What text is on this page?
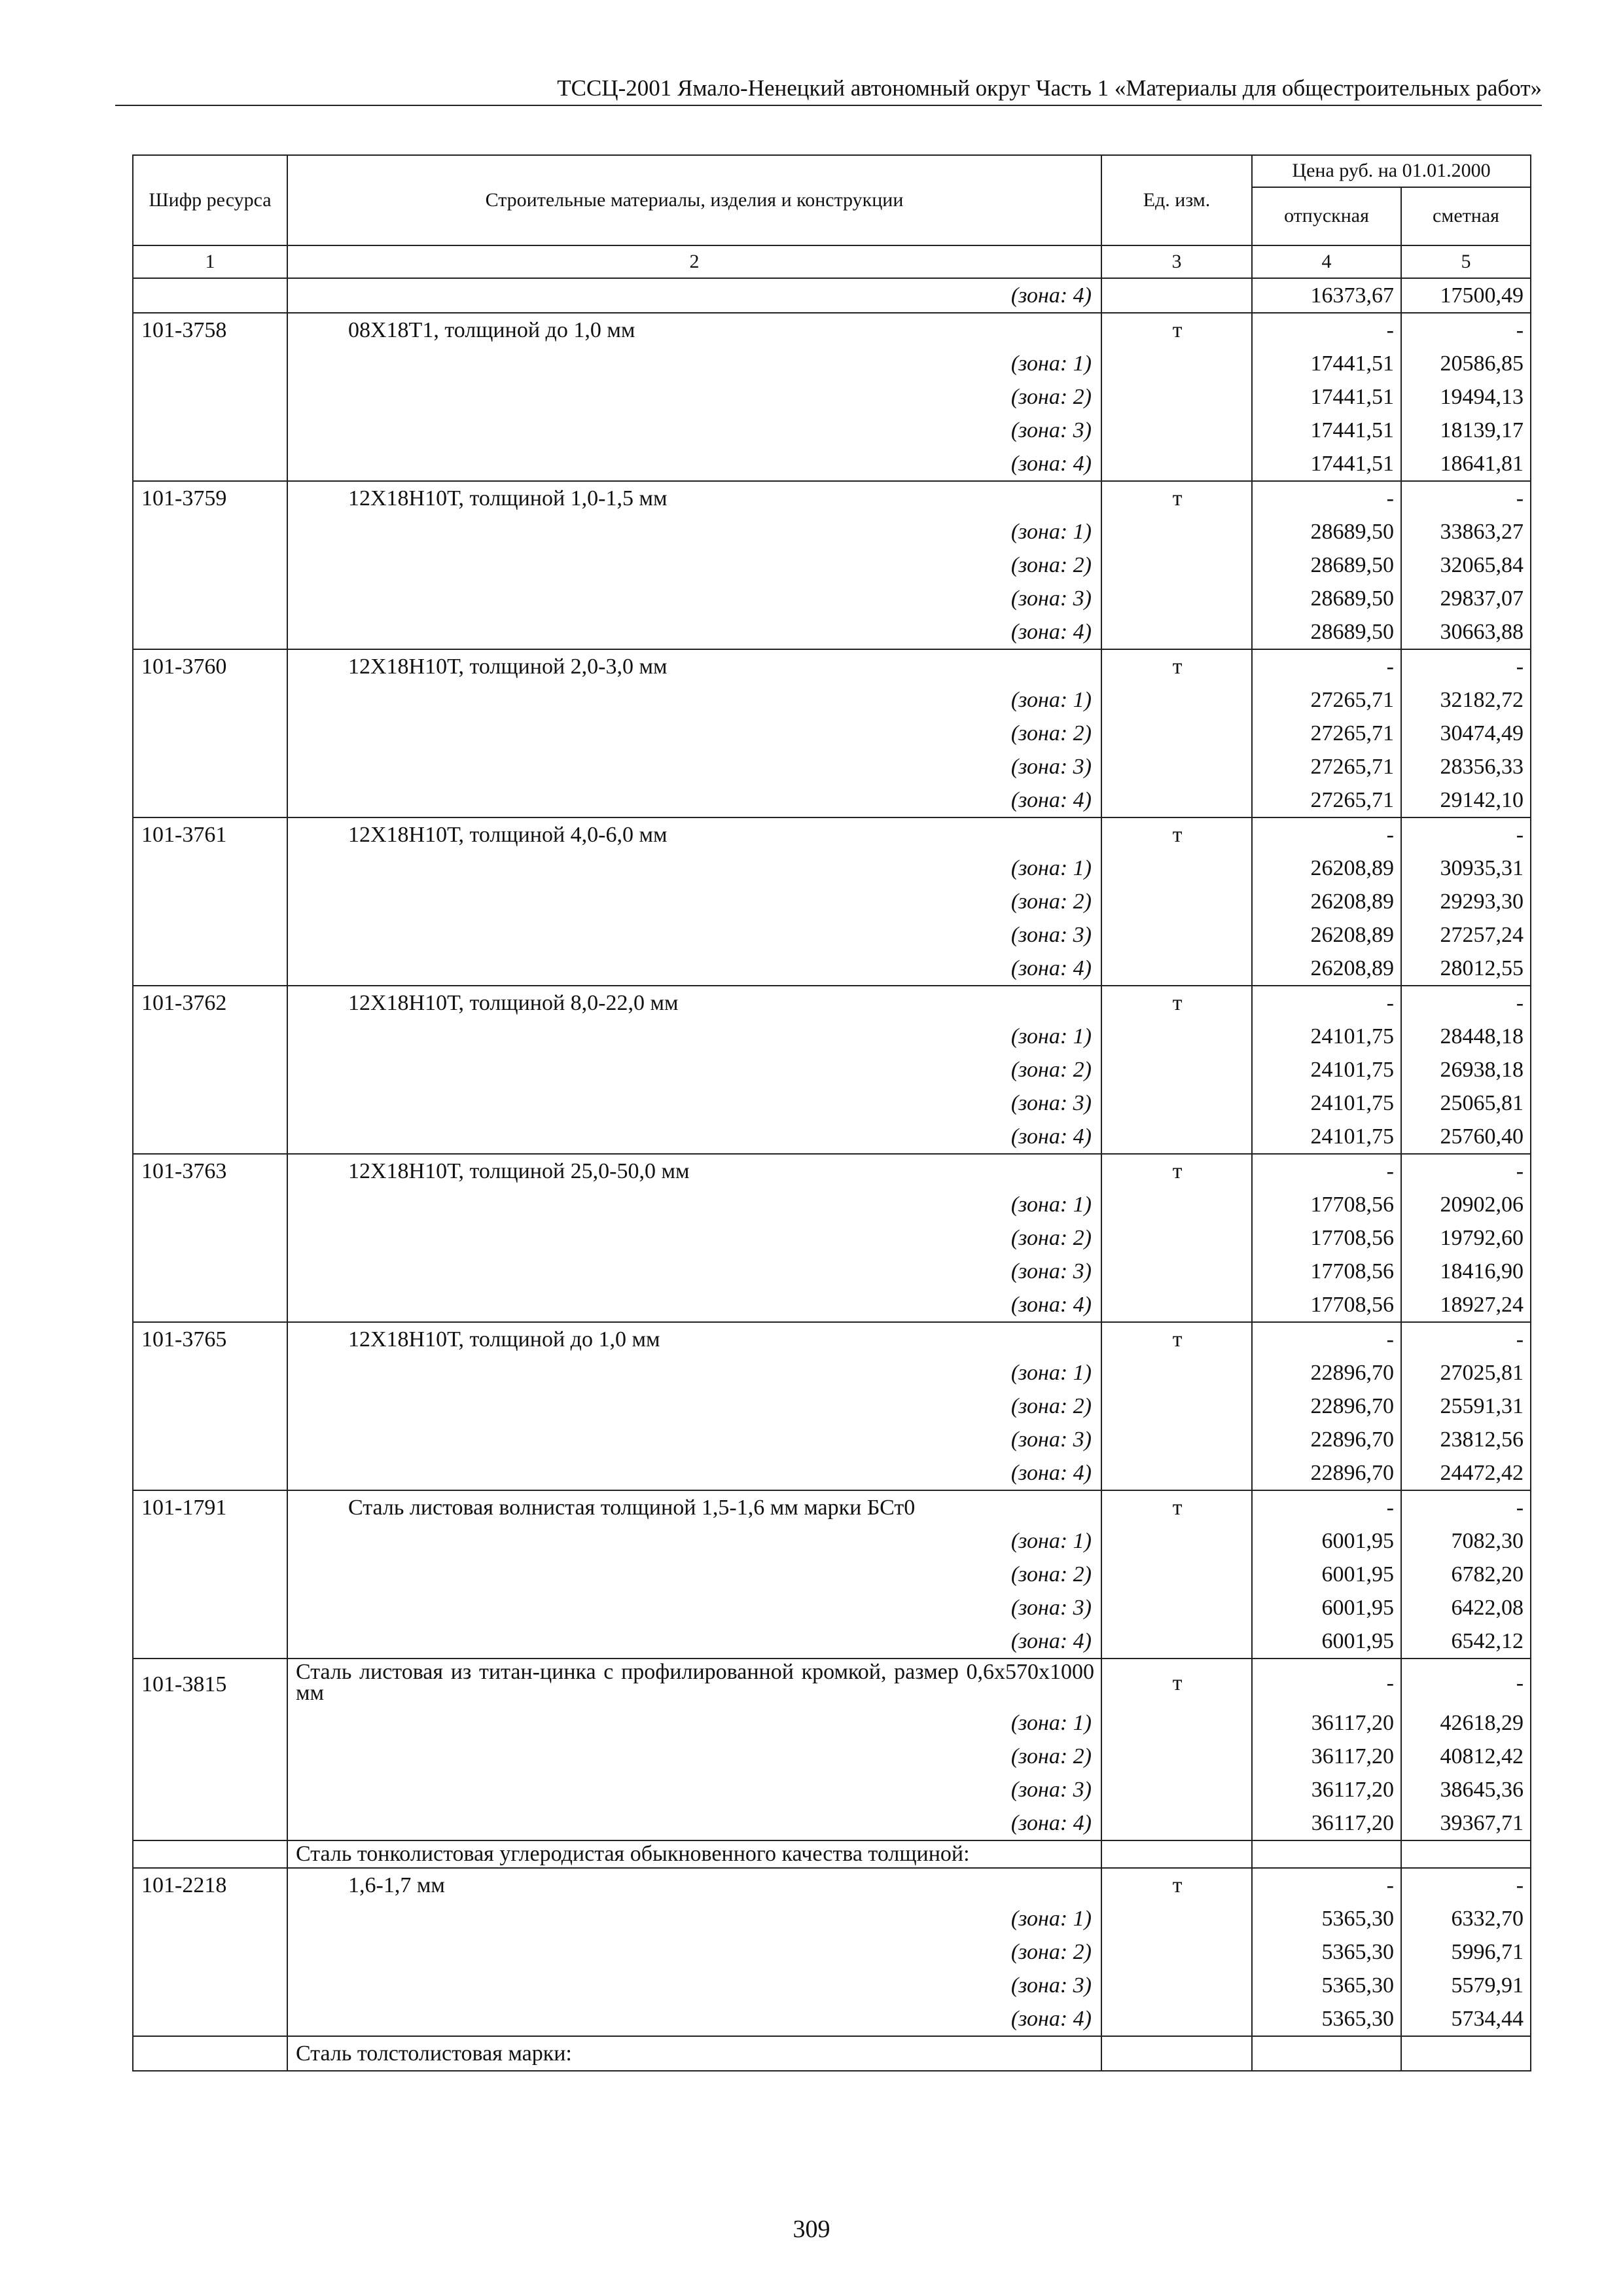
ТССЦ-2001 Ямало-Ненецкий автономный округ Часть 1 «Материалы для общестроительных работ»
Шифр ресурса	Строительные материалы, изделия и конструкции	Ед. изм.	Цена руб. на 01.01.2000	
			отпускная	сметная
1	2	3	4	5
	(зона: 4)		16373,67	17500,49
101-3758	08Х18Т1, толщиной до 1,0 мм	т	-	-
	(зона: 1)		17441,51	20586,85
	(зона: 2)		17441,51	19494,13
	(зона: 3)		17441,51	18139,17
	(зона: 4)		17441,51	18641,81
101-3759	12Х18Н10Т, толщиной 1,0-1,5 мм	т	-	-
	(зона: 1)		28689,50	33863,27
	(зона: 2)		28689,50	32065,84
	(зона: 3)		28689,50	29837,07
	(зона: 4)		28689,50	30663,88
101-3760	12Х18Н10Т, толщиной 2,0-3,0 мм	т	-	-
	(зона: 1)		27265,71	32182,72
	(зона: 2)		27265,71	30474,49
	(зона: 3)		27265,71	28356,33
	(зона: 4)		27265,71	29142,10
101-3761	12Х18Н10Т, толщиной 4,0-6,0 мм	т	-	-
	(зона: 1)		26208,89	30935,31
	(зона: 2)		26208,89	29293,30
	(зона: 3)		26208,89	27257,24
	(зона: 4)		26208,89	28012,55
101-3762	12Х18Н10Т, толщиной 8,0-22,0 мм	т	-	-
	(зона: 1)		24101,75	28448,18
	(зона: 2)		24101,75	26938,18
	(зона: 3)		24101,75	25065,81
	(зона: 4)		24101,75	25760,40
101-3763	12Х18Н10Т, толщиной 25,0-50,0 мм	т	-	-
	(зона: 1)		17708,56	20902,06
	(зона: 2)		17708,56	19792,60
	(зона: 3)		17708,56	18416,90
	(зона: 4)		17708,56	18927,24
101-3765	12Х18Н10Т, толщиной до 1,0 мм	т	-	-
	(зона: 1)		22896,70	27025,81
	(зона: 2)		22896,70	25591,31
	(зона: 3)		22896,70	23812,56
	(зона: 4)		22896,70	24472,42
101-1791	Сталь листовая волнистая толщиной 1,5-1,6 мм марки БСт0	т	-	-
	(зона: 1)		6001,95	7082,30
	(зона: 2)		6001,95	6782,20
	(зона: 3)		6001,95	6422,08
	(зона: 4)		6001,95	6542,12
101-3815	Сталь листовая из титан-цинка с профилированной кромкой, размер 0,6х570х1000 мм	т	-	-
	(зона: 1)		36117,20	42618,29
	(зона: 2)		36117,20	40812,42
	(зона: 3)		36117,20	38645,36
	(зона: 4)		36117,20	39367,71
	Сталь тонколистовая углеродистая обыкновенного качества толщиной:			
101-2218	1,6-1,7 мм	т	-	-
	(зона: 1)		5365,30	6332,70
	(зона: 2)		5365,30	5996,71
	(зона: 3)		5365,30	5579,91
	(зона: 4)		5365,30	5734,44
	Сталь толстолистовая марки:			
309
